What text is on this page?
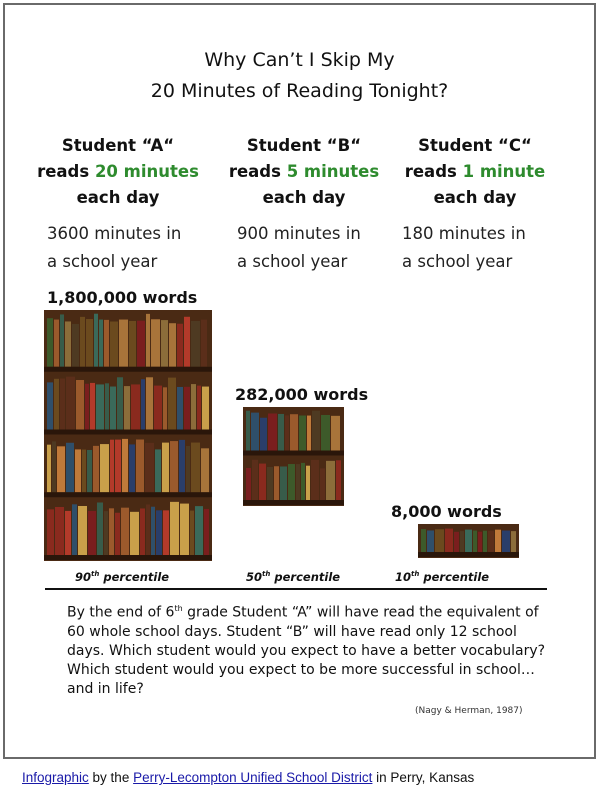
Why Can’t I Skip My
20 Minutes of Reading Tonight?
Student “A“
reads 20 minutes
each day
Student “B“
reads 5 minutes
each day
Student “C“
reads 1 minute
each day
3600 minutes in
a school year
900 minutes in
a school year
180 minutes in
a school year
1,800,000 words
282,000 words
8,000 words
90th percentile	50th percentile	10th percentile
By the end of 6th grade Student “A” will have read the equivalent of 60 whole school days. Student “B” will have read only 12 school days. Which student would you expect to have a better vocabulary? Which student would you expect to be more successful in school…and in life?
(Nagy & Herman, 1987)
Infographic by the Perry-Lecompton Unified School District in Perry, Kansas
